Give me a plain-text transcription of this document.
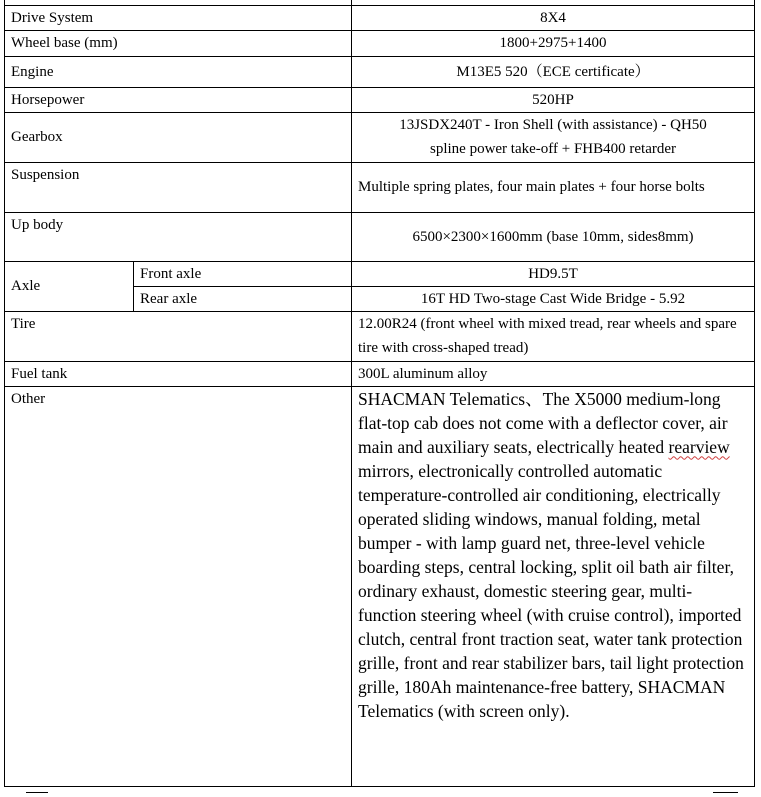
Drive System		8X4
Wheel base (mm)		1800+2975+1400
Engine		M13E5 520（ECE certificate）
Horsepower		520HP
Gearbox		13JSDX240T - Iron Shell (with assistance) - QH50
spline power take-off + FHB400 retarder

Suspension		Multiple spring plates, four main plates + four horse bolts
Up body		6500×2300×1600mm (base 10mm, sides8mm)
Axle	Front axle	HD9.5T
	Rear axle	16T HD Two-stage Cast Wide Bridge - 5.92
Tire		12.00R24 (front wheel with mixed tread, rear wheels and spare tire with cross-shaped tread)
Fuel tank		300L aluminum alloy
Other		SHACMAN Telematics、The X5000 medium-long flat-top cab does not come with a deflector cover, air main and auxiliary seats, electrically heated rearview mirrors, electronically controlled automatic temperature-controlled air conditioning, electrically operated sliding windows, manual folding, metal bumper - with lamp guard net, three-level vehicle boarding steps, central locking, split oil bath air filter, ordinary exhaust, domestic steering gear, multi-function steering wheel (with cruise control), imported clutch, central front traction seat, water tank protection grille, front and rear stabilizer bars, tail light protection grille, 180Ah maintenance-free battery, SHACMAN Telematics (with screen only).
